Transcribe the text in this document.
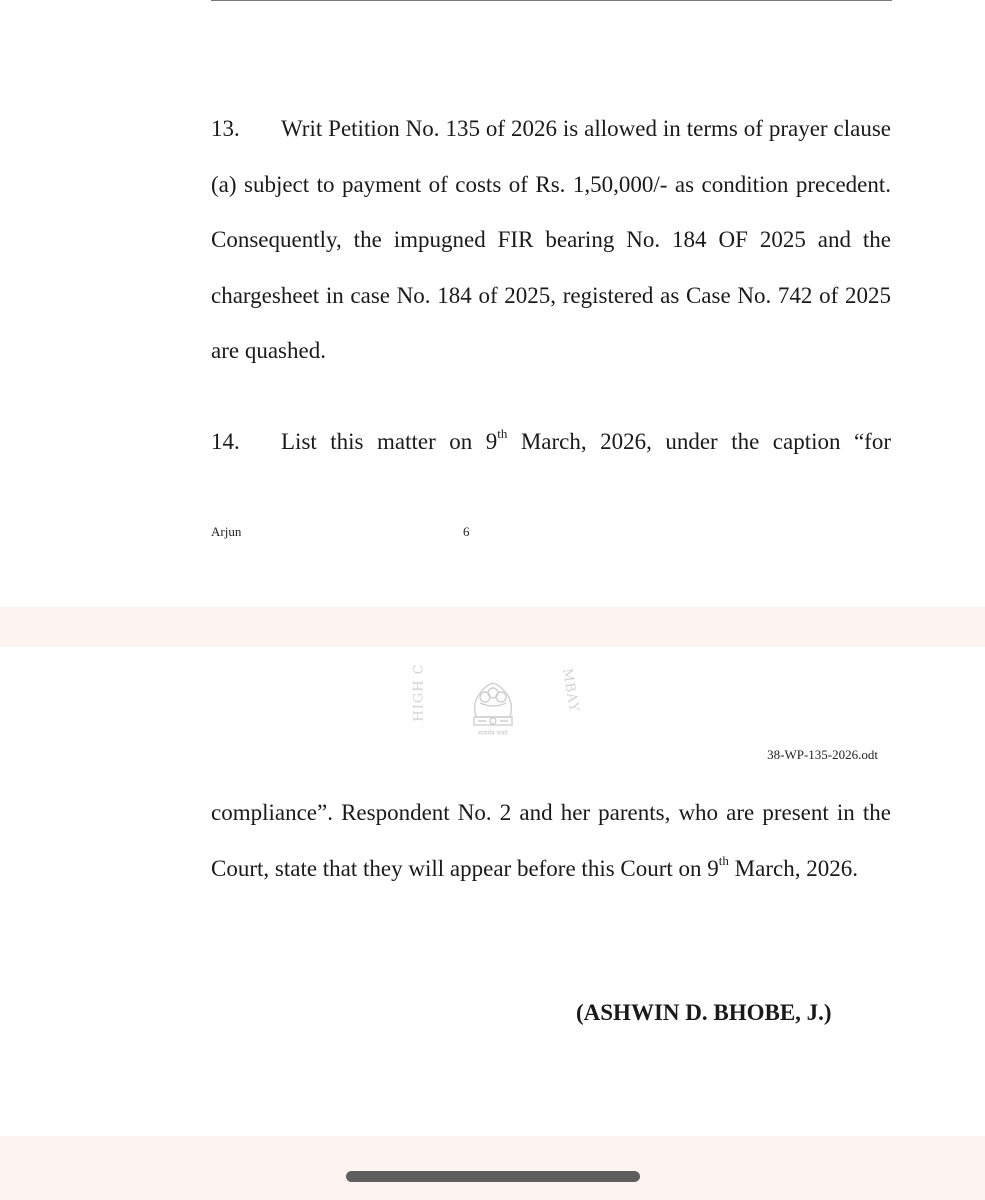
13. Writ Petition No. 135 of 2026 is allowed in terms of prayer clause (a) subject to payment of costs of Rs. 1,50,000/- as condition precedent. Consequently, the impugned FIR bearing No. 184 OF 2025 and the chargesheet in case No. 184 of 2025, registered as Case No. 742 of 2025 are quashed.

14. List this matter on 9th March, 2026, under the caption “for

Arjun	6
HIGH C
सत्यमेव जयते
MBAY
38-WP-135-2026.odt

compliance”. Respondent No. 2 and her parents, who are present in the Court, state that they will appear before this Court on 9th March, 2026.

(ASHWIN D. BHOBE, J.)
